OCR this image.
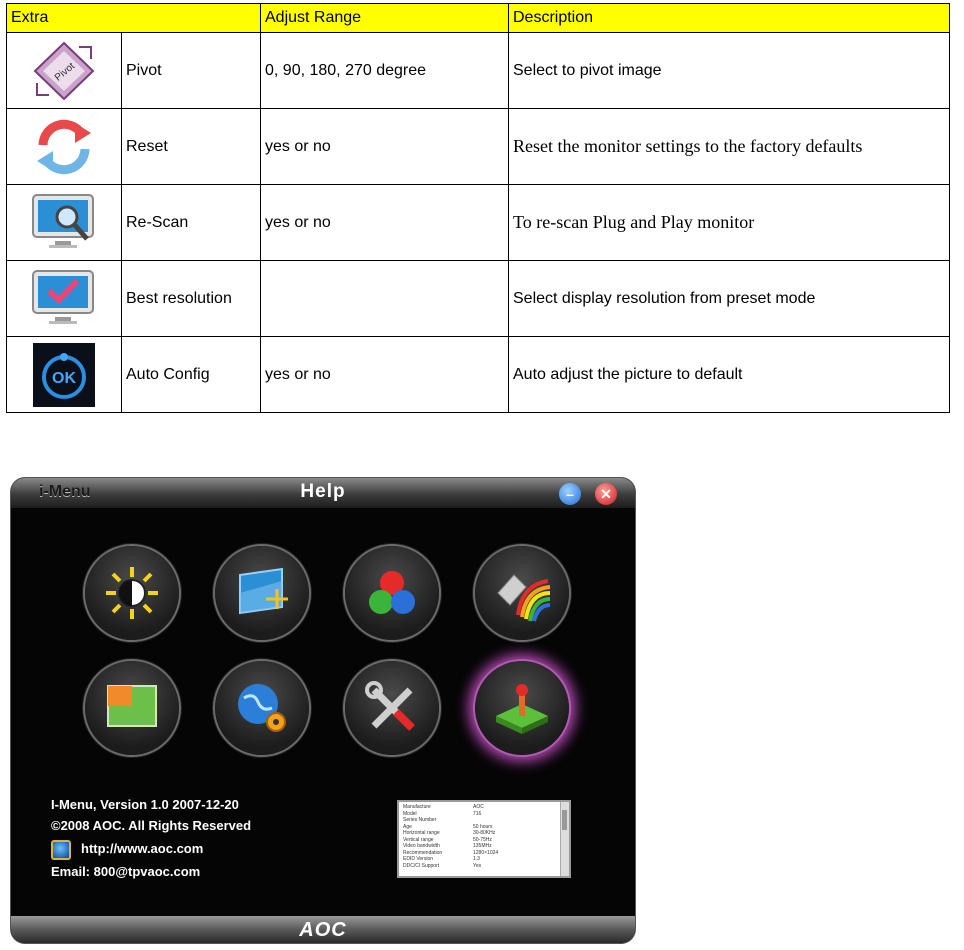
Extra		Adjust Range	Description

Pivot	Pivot	0, 90, 180, 270 degree	Select to pivot image
	Reset	yes or no	Reset the monitor settings to the factory defaults
	Re-Scan	yes or no	To re-scan Plug and Play monitor
	Best resolution		Select display resolution from preset mode

OK	Auto Config	yes or no	Auto adjust the picture to default
i-Menu	Help	–	✕
I-Menu, Version 1.0 2007-12-20
©2008 AOC. All Rights Reserved
http://www.aoc.com
Email: 800@tpvaoc.com
Manufacture	AOC
Model	716
Series Number
Age	50 hours
Horizontal range	30-80KHz
Vertical range	50-75Hz
Video bandwidth	135MHz
Recommendation	1280×1024
EDID Version	1.3
DDC/CI Support	Yes
AOC
